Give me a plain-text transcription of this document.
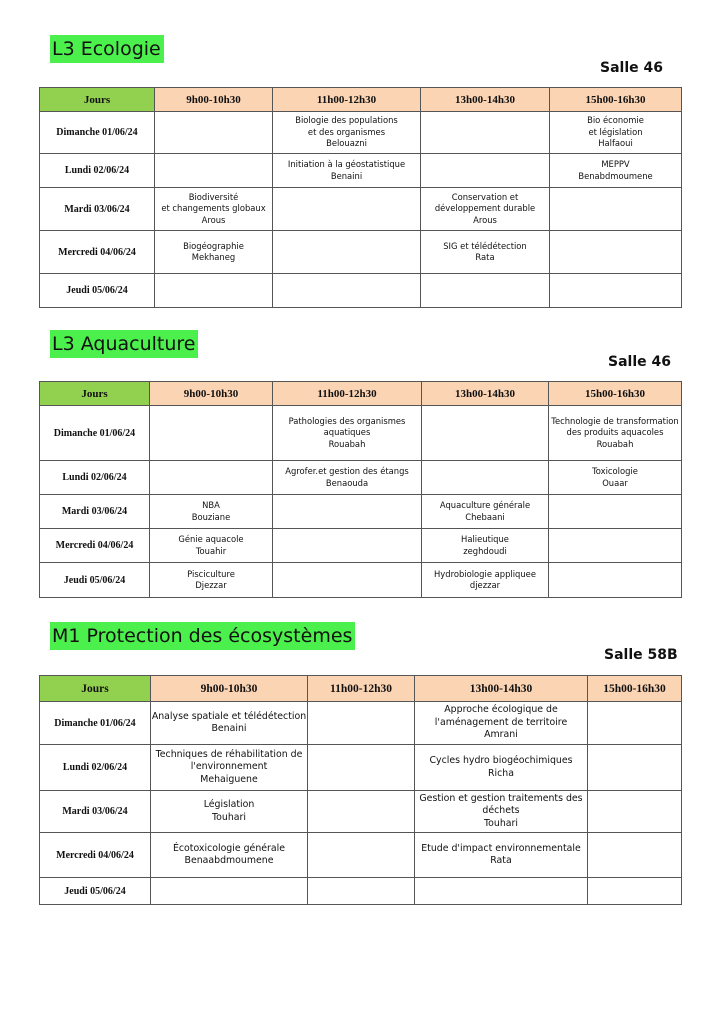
L3 Ecologie
Salle 46
Jours	9h00-10h30	11h00-12h30	13h00-14h30	15h00-16h30
Dimanche 01/06/24		Biologie des populations
et des organismes
Belouazni		Bio économie
et législation
Halfaoui

Lundi 02/06/24		Initiation à la géostatistique
Benaini		MEPPV
Benabdmoumene

Mardi 03/06/24	Biodiversité
et changements globaux
Arous		Conservation et
développement durable
Arous	

Mercredi 04/06/24	Biogéographie
Mekhaneg		SIG et télédétection
Rata	

Jeudi 05/06/24				
L3 Aquaculture
Salle 46
Jours	9h00-10h30	11h00-12h30	13h00-14h30	15h00-16h30
Dimanche 01/06/24		Pathologies des organismes
aquatiques
Rouabah		Technologie de transformation
des produits aquacoles
Rouabah

Lundi 02/06/24		Agrofer.et gestion des étangs
Benaouda		Toxicologie
Ouaar

Mardi 03/06/24	NBA
Bouziane		Aquaculture générale
Chebaani	

Mercredi 04/06/24	Génie aquacole
Touahir		Halieutique
zeghdoudi	

Jeudi 05/06/24	Pisciculture
Djezzar		Hydrobiologie appliquee
djezzar	

M1 Protection des écosystèmes
Salle 58B
Jours	9h00-10h30	11h00-12h30	13h00-14h30	15h00-16h30
Dimanche 01/06/24	Analyse spatiale et télédétection
Benaini		Approche écologique de
l'aménagement de territoire
Amrani	

Lundi 02/06/24	Techniques de réhabilitation de
l'environnement
Mehaiguene		Cycles hydro biogéochimiques
Richa	

Mardi 03/06/24	Législation
Touhari		Gestion et gestion traitements des
déchets
Touhari	

Mercredi 04/06/24	Écotoxicologie générale
Benaabdmoumene		Etude d'impact environnementale
Rata	

Jeudi 05/06/24				
